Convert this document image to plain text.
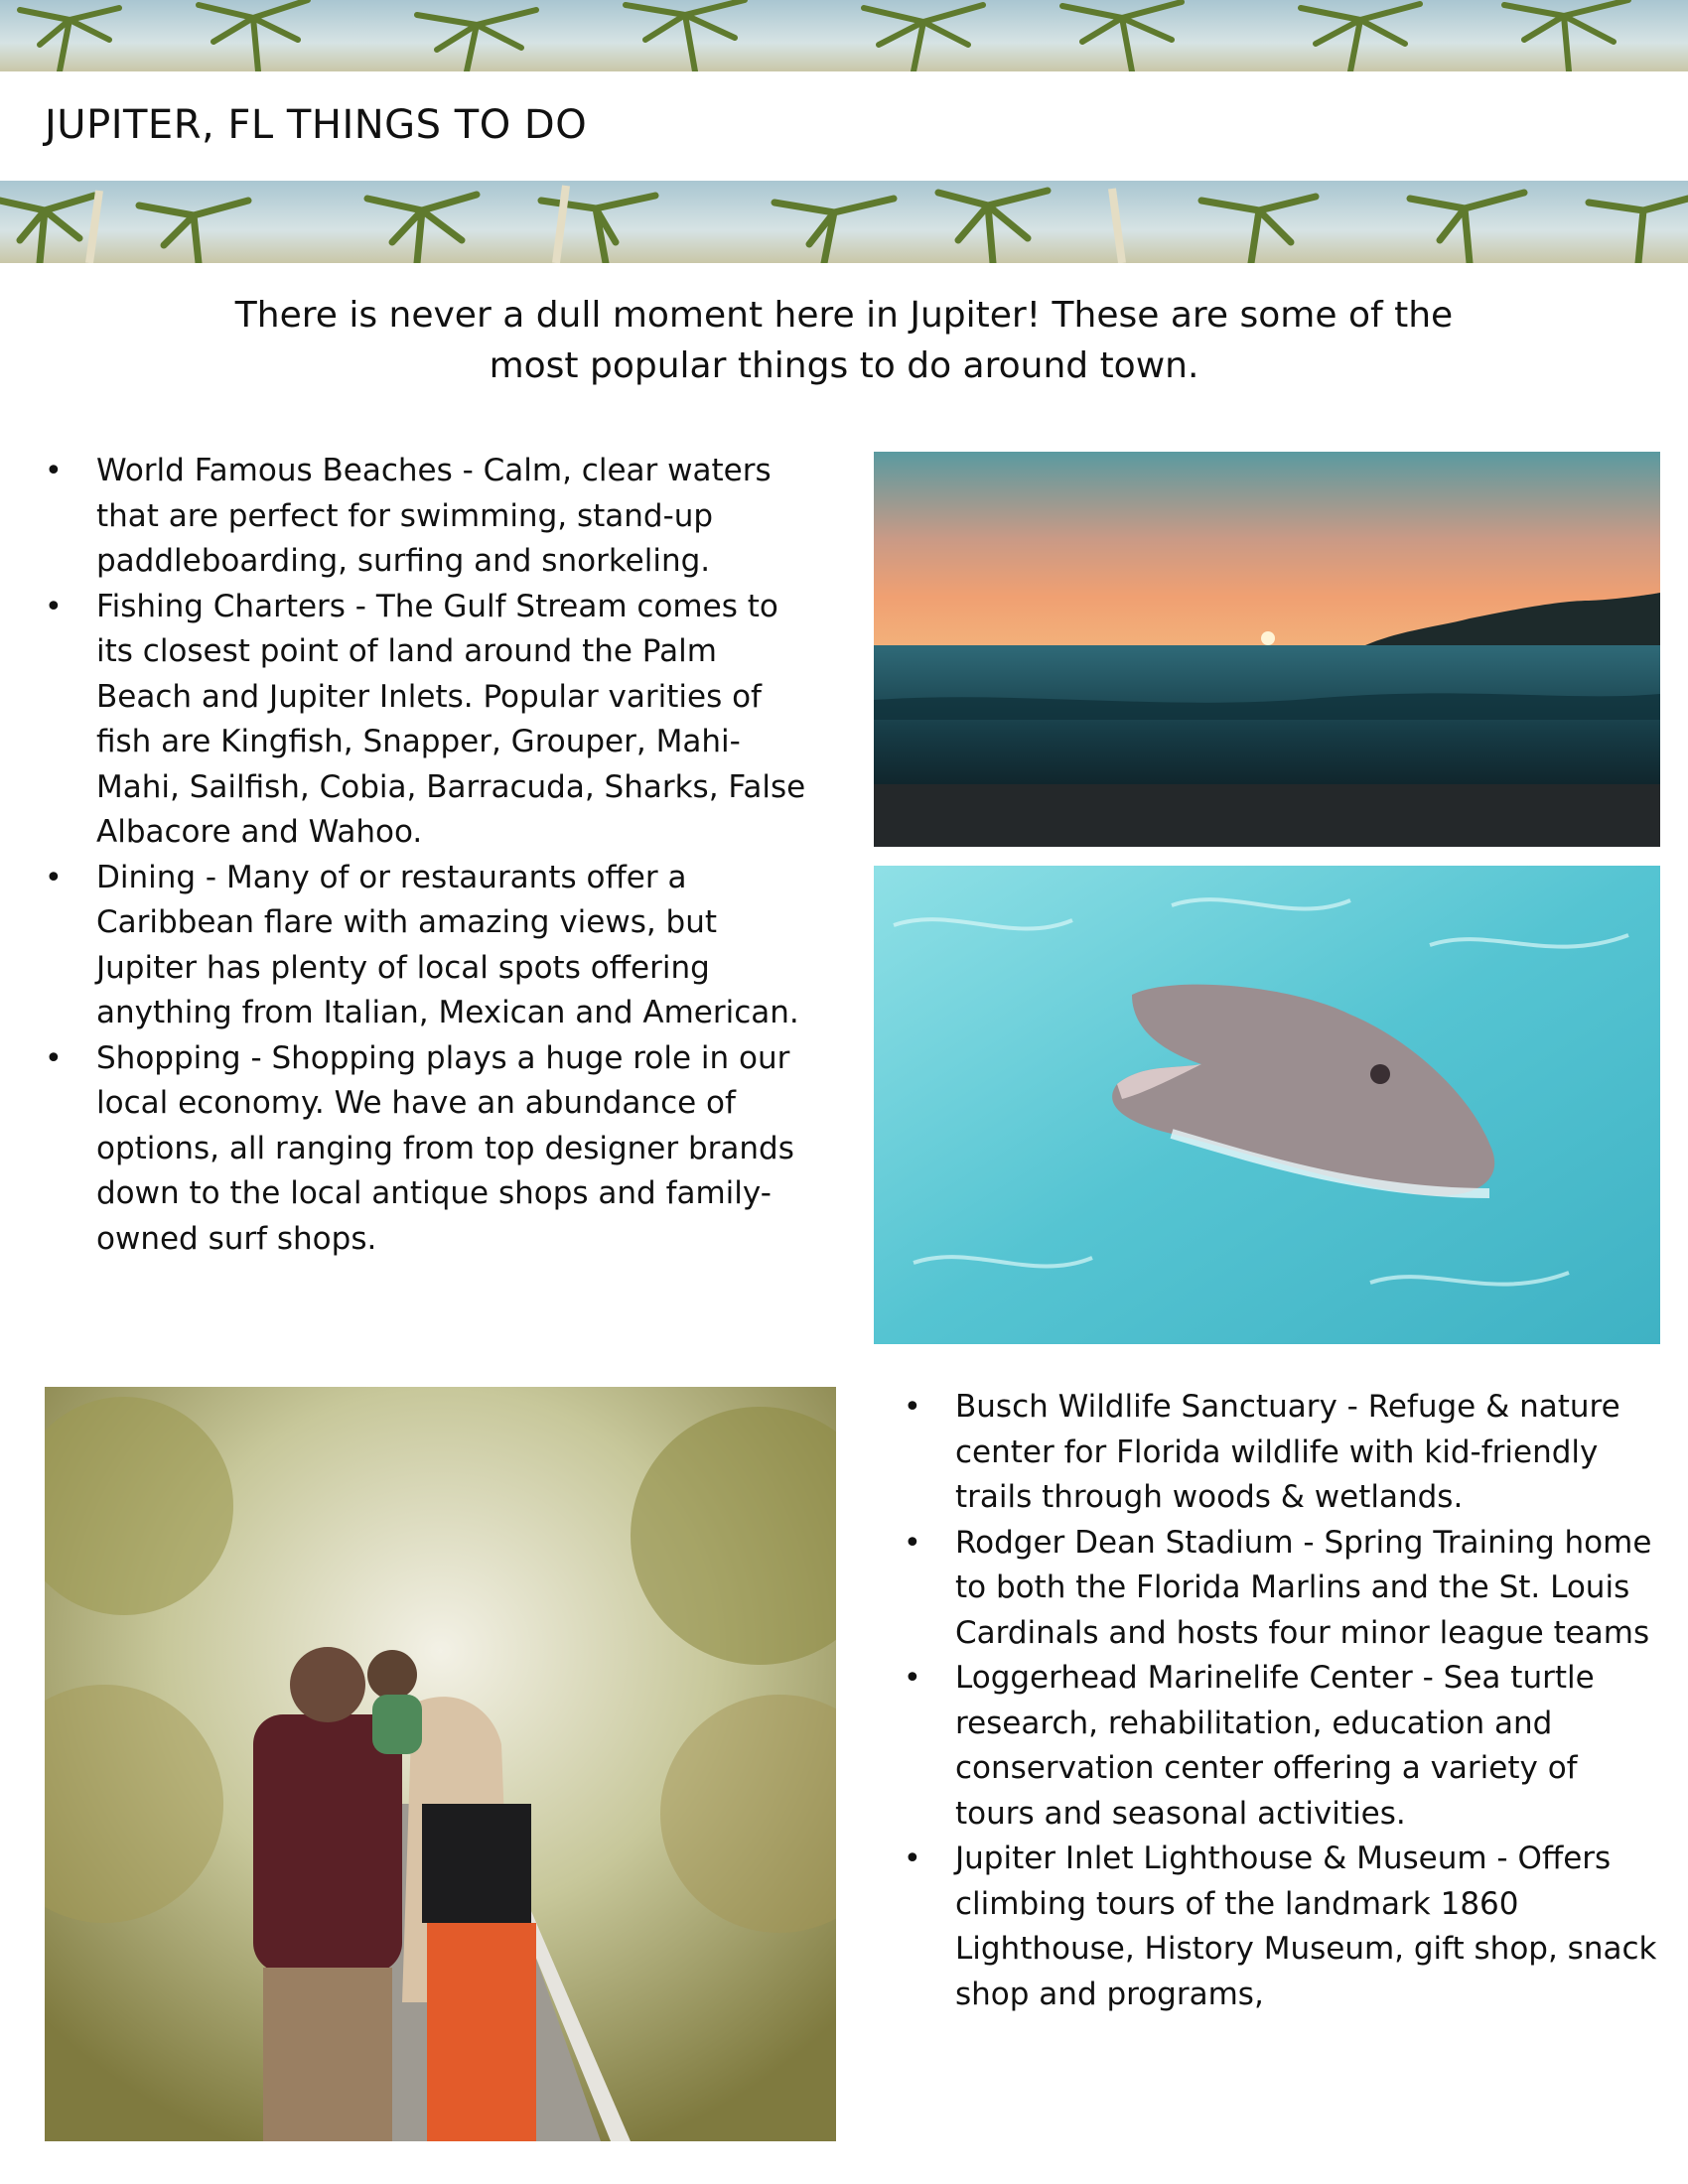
JUPITER, FL THINGS TO DO

There is never a dull moment here in Jupiter! These are some of the most popular things to do around town.

• World Famous Beaches - Calm, clear waters that are perfect for swimming, stand-up paddleboarding, surfing and snorkeling.
• Fishing Charters - The Gulf Stream comes to its closest point of land around the Palm Beach and Jupiter Inlets. Popular varities of fish are Kingfish, Snapper, Grouper, Mahi-Mahi, Sailfish, Cobia, Barracuda, Sharks, False Albacore and Wahoo.
• Dining - Many of or restaurants offer a Caribbean flare with amazing views, but Jupiter has plenty of local spots offering anything from Italian, Mexican and American.
• Shopping - Shopping plays a huge role in our local economy. We have an abundance of options, all ranging from top designer brands down to the local antique shops and family-owned surf shops.
• Busch Wildlife Sanctuary - Refuge & nature center for Florida wildlife with kid-friendly trails through woods & wetlands.
• Rodger Dean Stadium - Spring Training home to both the Florida Marlins and the St. Louis Cardinals and hosts four minor league teams
• Loggerhead Marinelife Center - Sea turtle research, rehabilitation, education and conservation center offering a variety of tours and seasonal activities.
• Jupiter Inlet Lighthouse & Museum - Offers climbing tours of the landmark 1860 Lighthouse, History Museum, gift shop, snack shop and programs,
